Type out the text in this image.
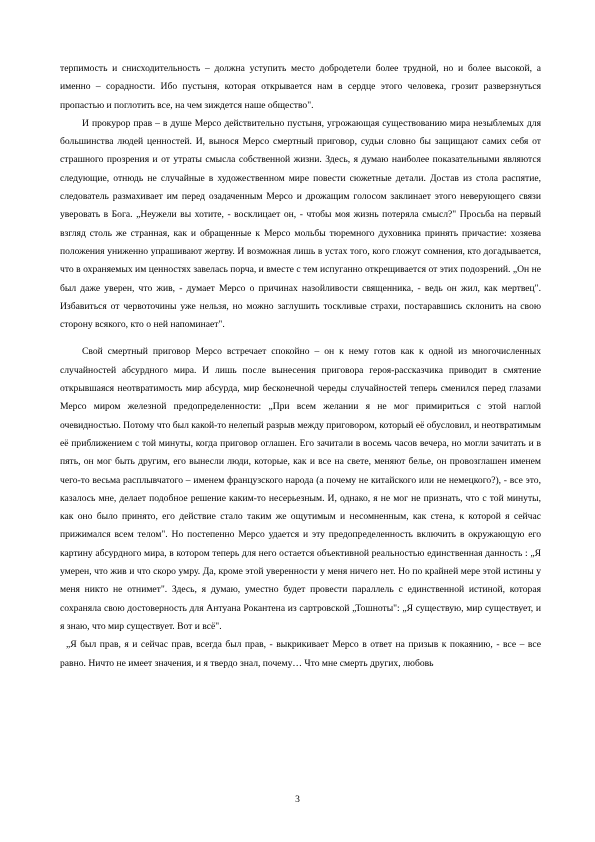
терпимость и снисходительность – должна уступить место добродетели более трудной, но и более высокой, а именно – сорадности. Ибо пустыня, которая открывается нам в сердце этого человека, грозит разверзнуться пропастью и поглотить все, на чем зиждется наше общество".

И прокурор прав – в душе Мерсо действительно пустыня, угрожающая существованию мира незыблемых для большинства людей ценностей. И, вынося Мерсо смертный приговор, судьи словно бы защищают самих себя от страшного прозрения и от утраты смысла собственной жизни. Здесь, я думаю наиболее показательными являются следующие, отнюдь не случайные в художественном мире повести сюжетные детали. Достав из стола распятие, следователь размахивает им перед озадаченным Мерсо и дрожащим голосом заклинает этого неверующего связи уверовать в Бога. „Неужели вы хотите, - восклицает он, - чтобы моя жизнь потеряла смысл?" Просьба на первый взгляд столь же странная, как и обращенные к Мерсо мольбы тюремного духовника принять причастие: хозяева положения униженно упрашивают жертву. И возможная лишь в устах того, кого гложут сомнения, кто догадывается, что в охраняемых им ценностях завелась порча, и вместе с тем испуганно открещивается от этих подозрений. „Он не был даже уверен, что жив, - думает Мерсо о причинах назойливости священника, - ведь он жил, как мертвец". Избавиться от червоточины уже нельзя, но можно заглушить тоскливые страхи, постаравшись склонить на свою сторону всякого, кто о ней напоминает".

Свой смертный приговор Мерсо встречает спокойно – он к нему готов как к одной из многочисленных случайностей абсурдного мира. И лишь после вынесения приговора героя-рассказчика приводит в смятение открывшаяся неотвратимость мир абсурда, мир бесконечной череды случайностей теперь сменился перед глазами Мерсо миром железной предопределенности: „При всем желании я не мог примириться с этой наглой очевидностью. Потому что был какой-то нелепый разрыв между приговором, который её обусловил, и неотвратимым её приближением с той минуты, когда приговор оглашен. Его зачитали в восемь часов вечера, но могли зачитать и в пять, он мог быть другим, его вынесли люди, которые, как и все на свете, меняют белье, он провозглашен именем чего-то весьма расплывчатого – именем французского народа (а почему не китайского или не немецкого?), - все это, казалось мне, делает подобное решение каким-то несерьезным. И, однако, я не мог не признать, что с той минуты, как оно было принято, его действие стало таким же ощутимым и несомненным, как стена, к которой я сейчас прижимался всем телом". Но постепенно Мерсо удается и эту предопределенность включить в окружающую его картину абсурдного мира, в котором теперь для него остается объективной реальностью единственная данность : „Я умерен, что жив и что скоро умру. Да, кроме этой уверенности у меня ничего нет. Но по крайней мере этой истины у меня никто не отнимет". Здесь, я думаю, уместно будет провести параллель с единственной истиной, которая сохраняла свою достоверность для Антуана Рокантена из сартровской „Тошноты": „Я существую, мир существует, и я знаю, что мир существует. Вот и всё".

„Я был прав, я и сейчас прав, всегда был прав, - выкрикивает Мерсо в ответ на призыв к покаянию, - все – все равно. Ничто не имеет значения, и я твердо знал, почему… Что мне смерть других, любовь

3
